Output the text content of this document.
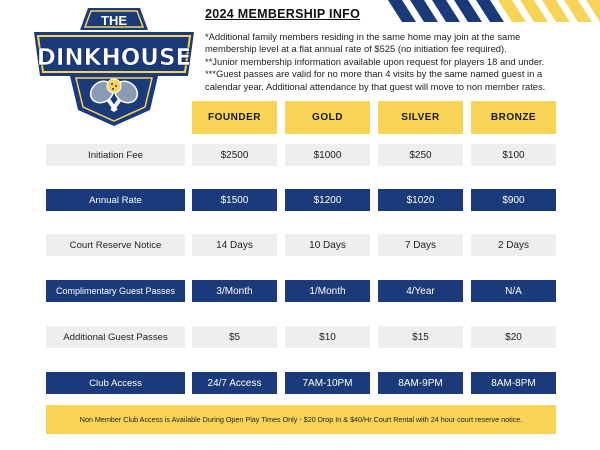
THE
DINKHOUSE
2024 MEMBERSHIP INFO
*Additional family members residing in the same home may join at the same
membership level at a flat annual rate of $525 (no initiation fee required).
**Junior membership information available upon request for players 18 and under.
***Guest passes are valid for no more than 4 visits by the same named guest in a
calendar year. Additional attendance by that guest will move to non member rates.
FOUNDER	GOLD	SILVER	BRONZE
Initiation Fee	$2500	$1000	$250	$100
Annual Rate	$1500	$1200	$1020	$900
Court Reserve Notice	14 Days	10 Days	7 Days	2 Days
Complimentary Guest Passes	3/Month	1/Month	4/Year	N/A
Additional Guest Passes	$5	$10	$15	$20
Club Access	24/7 Access	7AM-10PM	8AM-9PM	8AM-8PM
Non Member Club Access is Available During Open Play Times Only - $20 Drop In & $40/Hr Court Rental with 24 hour court reserve notice.
